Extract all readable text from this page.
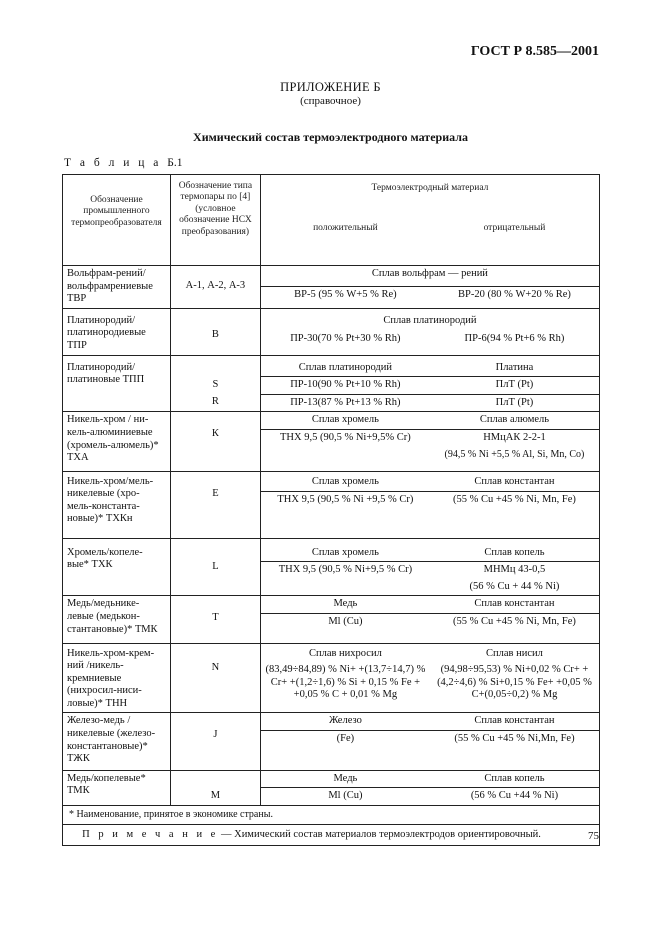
ГОСТ Р 8.585—2001
ПРИЛОЖЕНИЕ Б
(справочное)
Химический состав термоэлектродного материала
Т а б л и ц а Б.1
Обозначение промышленного термопреобразователя	Обозначение типа термопары по [4] (условное обозначение НСХ преобразования)	Термоэлектродный материал	
		положительный	отрицательный
Вольфрам-рений/ вольфрамрениевые ТВР	А-1, А-2, А-3	Сплав вольфрам — рений	
		ВР-5 (95 % W+5 % Re)	ВР-20 (80 % W+20 % Re)
Платинородий/ платинородиевые ТПР	В	Сплав платинородий	
		ПР-30(70 % Pt+30 % Rh)	ПР-6(94 % Pt+6 % Rh)
Платинородий/ платиновые ТПП		Сплав платинородий	Платина
	S	ПР-10(90 % Pt+10 % Rh)	ПлТ (Pt)
	R	ПР-13(87 % Pt+13 % Rh)	ПлТ (Pt)
Никель-хром / ни- кель-алюминиевые (хромель-алюмель)* ТХА	К	Сплав хромель	Сплав алюмель
		ТНХ 9,5 (90,5 % Ni+9,5% Cr)	НМцАК 2-2-1
			(94,5 % Ni +5,5 % Al, Si, Mn, Co)
Никель-хром/мель- никелевые (хро- мель-константа- новые)* ТХКн	Е	Сплав хромель	Сплав константан
		ТНХ 9,5 (90,5 % Ni +9,5 % Cr)	(55 % Cu +45 % Ni, Mn, Fe)
Хромель/копеле- вые* ТХК	L	Сплав хромель	Сплав копель
		ТНХ 9,5 (90,5 % Ni+9,5 % Cr)	МНМц 43-0,5
			(56 % Cu + 44 % Ni)
Медь/медьнике- левые (медькон- стантановые)* ТМК	Т	Медь	Сплав константан
		Ml (Cu)	(55 % Cu +45 % Ni, Mn, Fe)
Никель-хром-крем- ний /никель- кремниевые (нихросил-ниси- ловые)* ТНН	N	Сплав нихросил	Сплав нисил
		(83,49÷84,89) % Ni+ +(13,7÷14,7) % Cr+ +(1,2÷1,6) % Si + 0,15 % Fe + +0,05 % C + 0,01 % Mg	(94,98÷95,53) % Ni+0,02 % Cr+ +(4,2÷4,6) % Si+0,15 % Fe+ +0,05 % C+(0,05÷0,2) % Mg
Железо-медь / никелевые (железо- константановые)* ТЖК	J	Железо	Сплав константан
		(Fe)	(55 % Cu +45 % Ni,Mn, Fe)
Медь/копелевые* ТМК	М	Медь	Сплав копель
		Ml (Cu)	(56 % Cu +44 % Ni)
* Наименование, принятое в экономике страны.			
П р и м е ч а н и е — Химический состав материалов термоэлектродов ориентировочный.				75
